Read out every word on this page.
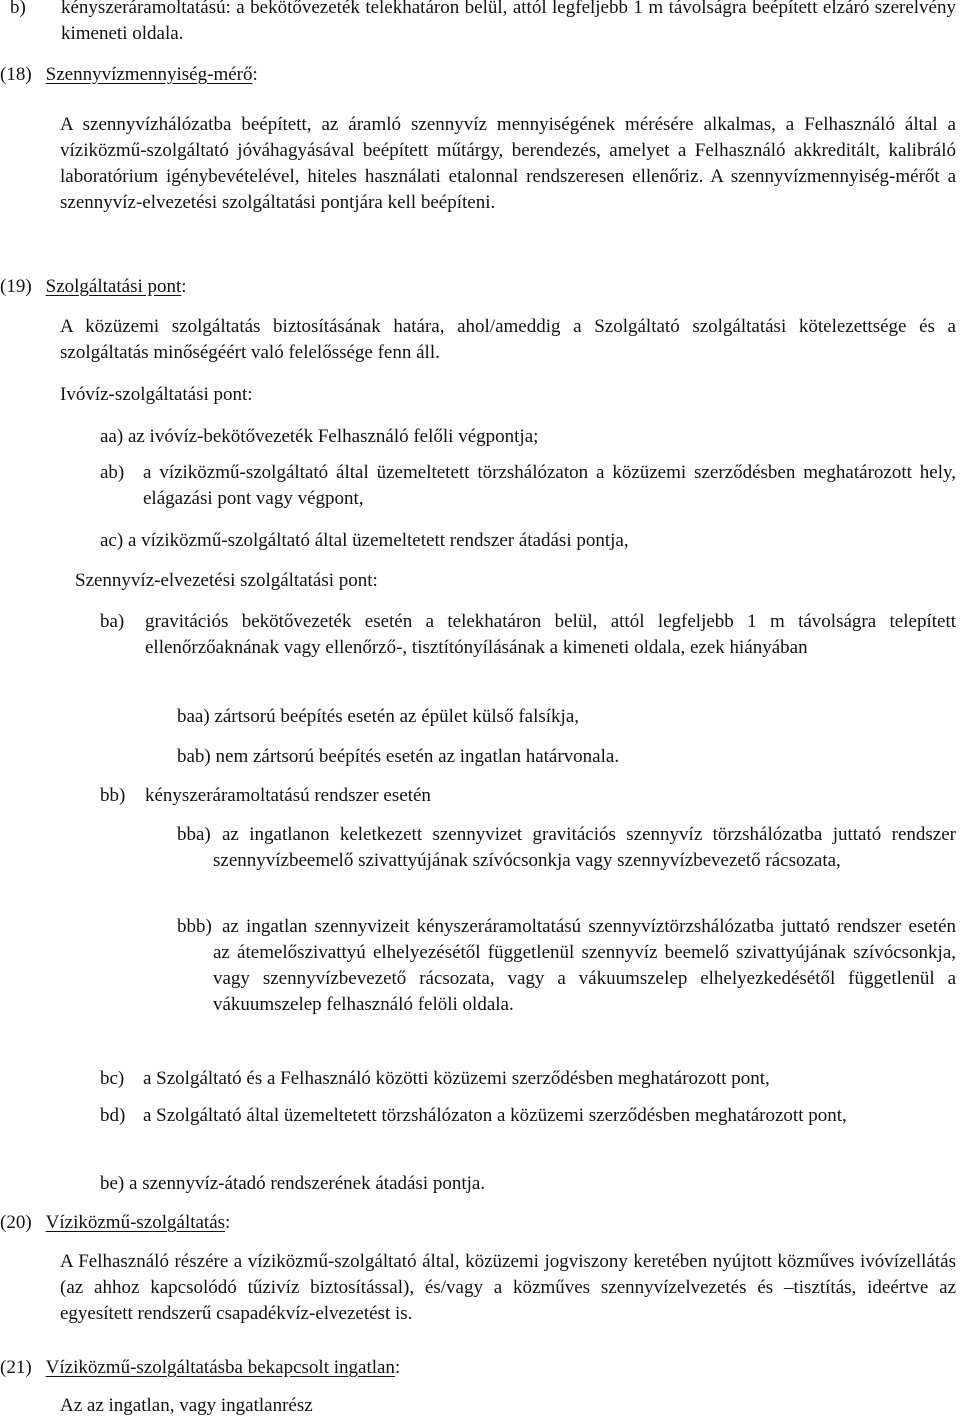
b) kényszeráramoltatású: a bekötővezeték telekhatáron belül, attól legfeljebb 1 m távolságra beépített elzáró szerelvény kimeneti oldala.
(18) Szennyvízmennyiség-mérő:

A szennyvízhálózatba beépített, az áramló szennyvíz mennyiségének mérésére alkalmas, a Felhasználó által a víziközmű-szolgáltató jóváhagyásával beépített műtárgy, berendezés, amelyet a Felhasználó akkreditált, kalibráló laboratórium igénybevételével, hiteles használati etalonnal rendszeresen ellenőriz. A szennyvízmennyiség-mérőt a szennyvíz-elvezetési szolgáltatási pontjára kell beépíteni.

(19) Szolgáltatási pont:

A közüzemi szolgáltatás biztosításának határa, ahol/ameddig a Szolgáltató szolgáltatási kötelezettsége és a szolgáltatás minőségéért való felelőssége fenn áll.

Ivóvíz-szolgáltatási pont:
aa) az ivóvíz-bekötővezeték Felhasználó felőli végpontja;
ab) a víziközmű-szolgáltató által üzemeltetett törzshálózaton a közüzemi szerződésben meghatározott hely, elágazási pont vagy végpont,
ac) a víziközmű-szolgáltató által üzemeltetett rendszer átadási pontja,
Szennyvíz-elvezetési szolgáltatási pont:
ba) gravitációs bekötővezeték esetén a telekhatáron belül, attól legfeljebb 1 m távolságra telepített ellenőrzőaknának vagy ellenőrző-, tisztítónyílásának a kimeneti oldala, ezek hiányában
baa) zártsorú beépítés esetén az épület külső falsíkja,
bab) nem zártsorú beépítés esetén az ingatlan határvonala.
bb) kényszeráramoltatású rendszer esetén
bba) az ingatlanon keletkezett szennyvizet gravitációs szennyvíz törzshálózatba juttató rendszer szennyvízbeemelő szivattyújának szívócsonkja vagy szennyvízbevezető rácsozata,
bbb) az ingatlan szennyvizeit kényszeráramoltatású szennyvíztörzshálózatba juttató rendszer esetén az átemelőszivattyú elhelyezésétől függetlenül szennyvíz beemelő szivattyújának szívócsonkja, vagy szennyvízbevezető rácsozata, vagy a vákuumszelep elhelyezkedésétől függetlenül a vákuumszelep felhasználó felöli oldala.
bc) a Szolgáltató és a Felhasználó közötti közüzemi szerződésben meghatározott pont,
bd) a Szolgáltató által üzemeltetett törzshálózaton a közüzemi szerződésben meghatározott pont,
be) a szennyvíz-átadó rendszerének átadási pontja.
(20) Víziközmű-szolgáltatás:

A Felhasználó részére a víziközmű-szolgáltató által, közüzemi jogviszony keretében nyújtott közműves ivóvízellátás (az ahhoz kapcsolódó tűzivíz biztosítással), és/vagy a közműves szennyvízelvezetés és –tisztítás, ideértve az egyesített rendszerű csapadékvíz-elvezetést is.

(21) Víziközmű-szolgáltatásba bekapcsolt ingatlan:
Az az ingatlan, vagy ingatlanrész
